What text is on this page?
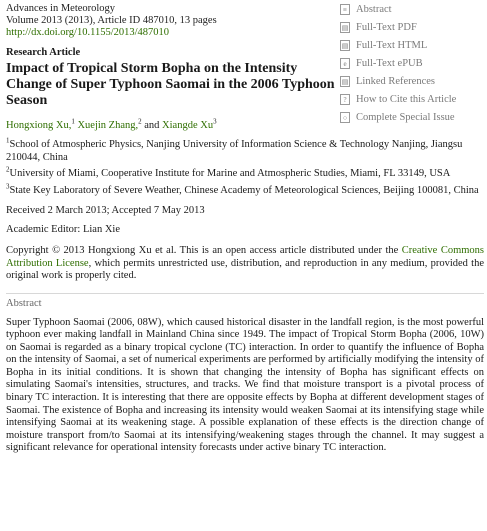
Advances in Meteorology
Volume 2013 (2013), Article ID 487010, 13 pages
http://dx.doi.org/10.1155/2013/487010
Research Article
Impact of Tropical Storm Bopha on the Intensity Change of Super Typhoon Saomai in the 2006 Typhoon Season
Hongxiong Xu,$^1$ Xuejin Zhang,$^2$ and Xiangde Xu$^3$

$^1$School of Atmospheric Physics, Nanjing University of Information Science & Technology Nanjing, Jiangsu 210044, China

$^2$University of Miami, Cooperative Institute for Marine and Atmospheric Studies, Miami, FL 33149, USA

$^3$State Key Laboratory of Severe Weather, Chinese Academy of Meteorological Sciences, Beijing 100081, China

Received 2 March 2013; Accepted 7 May 2013
Academic Editor: Lian Xie
Copyright © 2013 Hongxiong Xu et al. This is an open access article distributed under the Creative Commons Attribution License, which permits unrestricted use, distribution, and reproduction in any medium, provided the original work is properly cited.
Abstract
Super Typhoon Saomai (2006, 08W), which caused historical disaster in the landfall region, is the most powerful typhoon ever making landfall in Mainland China since 1949. The impact of Tropical Storm Bopha (2006, 10W) on Saomai is regarded as a binary tropical cyclone (TC) interaction. In order to quantify the influence of Bopha on the intensity of Saomai, a set of numerical experiments are performed by artificially modifying the intensity of Bopha in its initial conditions. It is shown that changing the intensity of Bopha has significant effects on simulating Saomai's intensities, structures, and tracks. We find that moisture transport is a pivotal process of binary TC interaction. It is interesting that there are opposite effects by Bopha at different development stages of Saomai. The existence of Bopha and increasing its intensity would weaken Saomai at its intensifying stage while intensifying Saomai at its weakening stage. A possible explanation of these effects is the direction change of moisture transport from/to Saomai at its intensifying/weakening stages through the channel. It may suggest a significant relevance for operational intensity forecasts under active binary TC interaction.
≡ Abstract
▤ Full-Text PDF
▤ Full-Text HTML
e Full-Text ePUB
▤ Linked References
? How to Cite this Article
○ Complete Special Issue
